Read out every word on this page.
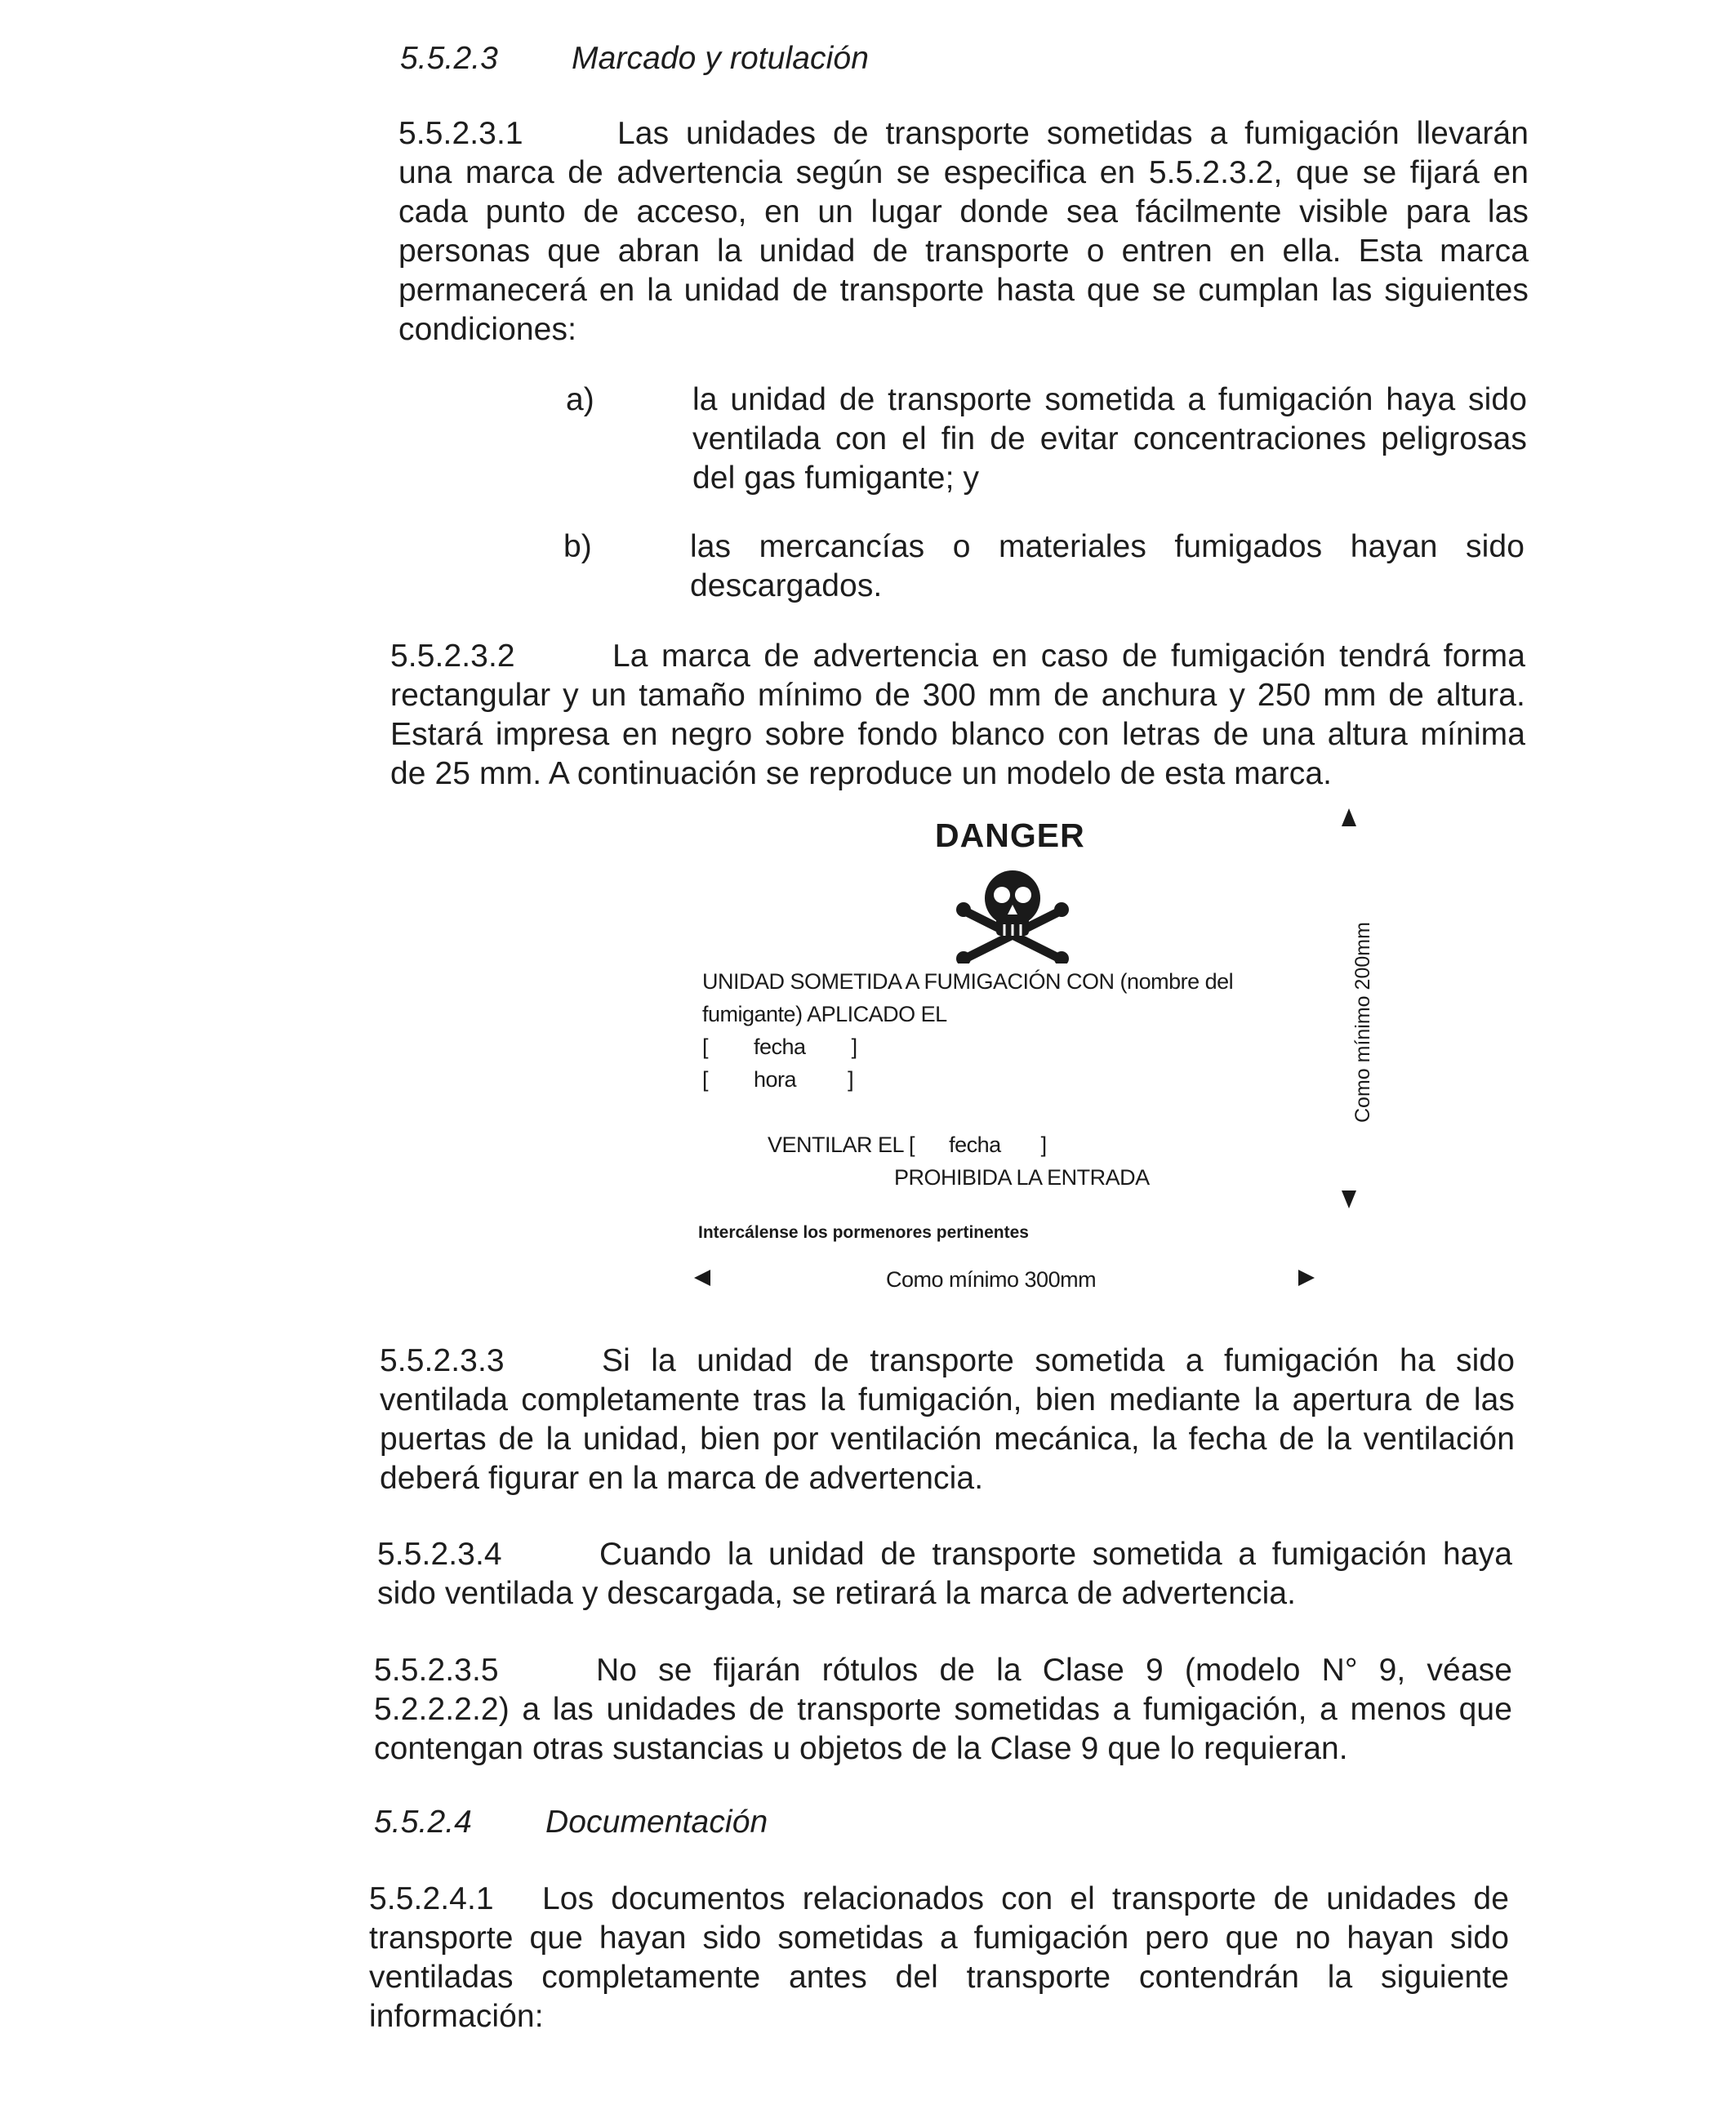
5.5.2.3 Marcado y rotulación
5.5.2.3.1	Las unidades de transporte sometidas a fumigación llevarán
una marca de advertencia según se especifica en 5.5.2.3.2, que se fijará en
cada punto de acceso, en un lugar donde sea fácilmente visible para las
personas que abran la unidad de transporte o entren en ella. Esta marca
permanecerá en la unidad de transporte hasta que se cumplan las siguientes
condiciones:
a)	la unidad de transporte sometida a fumigación haya sido
ventilada con el fin de evitar concentraciones peligrosas
del gas fumigante; y
b)	las mercancías o materiales fumigados hayan sido
descargados.
5.5.2.3.2	La marca de advertencia en caso de fumigación tendrá forma
rectangular y un tamaño mínimo de 300 mm de anchura y 250 mm de altura.
Estará impresa en negro sobre fondo blanco con letras de una altura mínima
de 25 mm. A continuación se reproduce un modelo de esta marca.
DANGER
UNIDAD SOMETIDA A FUMIGACIÓN CON (nombre del
fumigante) APLICADO EL
[        fecha        ]
[        hora         ]
VENTILAR EL [      fecha       ]
PROHIBIDA LA ENTRADA
Intercálense los pormenores pertinentes
Como mínimo 200mm
Como mínimo 300mm
5.5.2.3.3	Si la unidad de transporte sometida a fumigación ha sido
ventilada completamente tras la fumigación, bien mediante la apertura de las
puertas de la unidad, bien por ventilación mecánica, la fecha de la ventilación
deberá figurar en la marca de advertencia.
5.5.2.3.4	Cuando la unidad de transporte sometida a fumigación haya
sido ventilada y descargada, se retirará la marca de advertencia.
5.5.2.3.5	No se fijarán rótulos de la Clase 9 (modelo N° 9, véase
5.2.2.2.2) a las unidades de transporte sometidas a fumigación, a menos que
contengan otras sustancias u objetos de la Clase 9 que lo requieran.
5.5.2.4 Documentación
5.5.2.4.1 Los documentos relacionados con el transporte de unidades de
transporte que hayan sido sometidas a fumigación pero que no hayan sido
ventiladas completamente antes del transporte contendrán la siguiente
información:
